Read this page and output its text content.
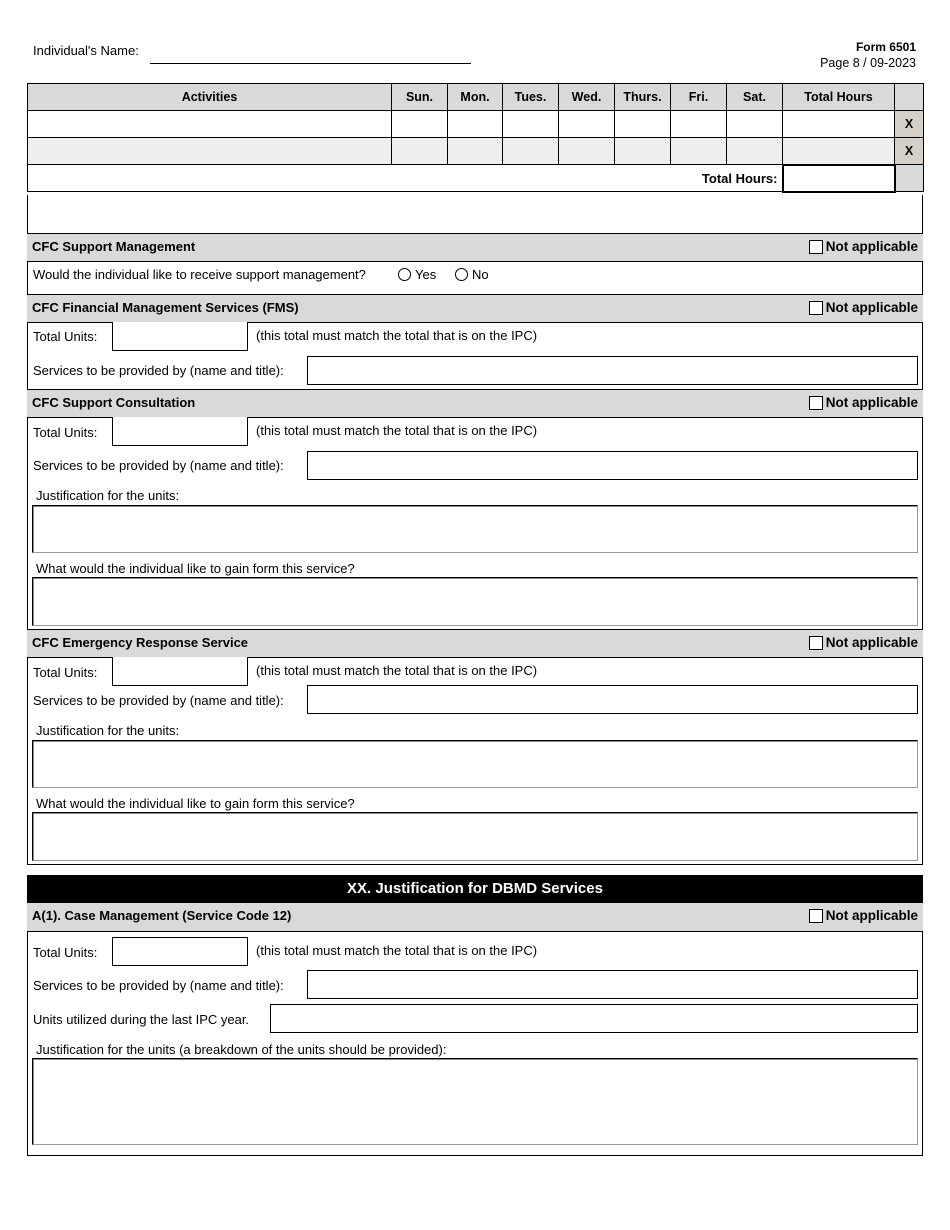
Individual's Name:	Form 6501
Page 8 / 09-2023
Activities	Sun.	Mon.	Tues.	Wed.	Thurs.	Fri.	Sat.	Total Hours	
									X
									X
Total Hours:									
CFC Support Management	Not applicable
Would the individual like to receive support management?	Yes	No
CFC Financial Management Services (FMS)	Not applicable
Total Units:	(this total must match the total that is on the IPC)
Services to be provided by (name and title):
CFC Support Consultation	Not applicable
Total Units:	(this total must match the total that is on the IPC)
Services to be provided by (name and title):
Justification for the units:
What would the individual like to gain form this service?
CFC Emergency Response Service	Not applicable
Total Units:	(this total must match the total that is on the IPC)
Services to be provided by (name and title):
Justification for the units:
What would the individual like to gain form this service?
XX. Justification for DBMD Services
A(1). Case Management (Service Code 12)	Not applicable
Total Units:	(this total must match the total that is on the IPC)
Services to be provided by (name and title):
Units utilized during the last IPC year.
Justification for the units (a breakdown of the units should be provided):
